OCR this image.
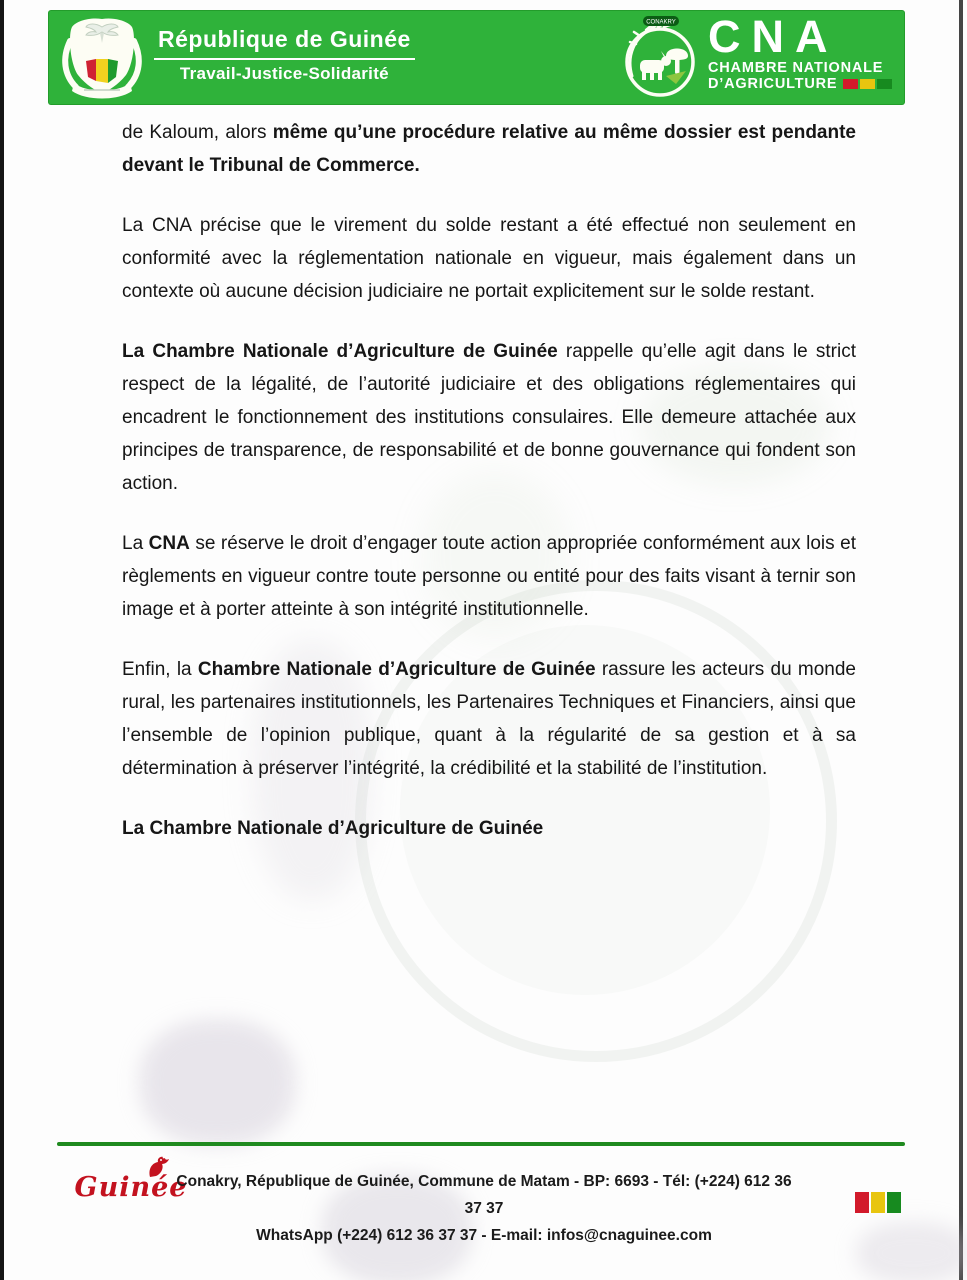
République de Guinée
Travail-Justice-Solidarité
CONAKRY CNA
CHAMBRE NATIONALE
D’AGRICULTURE
de Kaloum, alors même qu’une procédure relative au même dossier est pendante devant le Tribunal de Commerce.
La CNA précise que le virement du solde restant a été effectué non seulement en conformité avec la réglementation nationale en vigueur, mais également dans un contexte où aucune décision judiciaire ne portait explicitement sur le solde restant.
La Chambre Nationale d’Agriculture de Guinée rappelle qu’elle agit dans le strict respect de la légalité, de l’autorité judiciaire et des obligations réglementaires qui encadrent le fonctionnement des institutions consulaires. Elle demeure attachée aux principes de transparence, de responsabilité et de bonne gouvernance qui fondent son action.
La CNA se réserve le droit d’engager toute action appropriée conformément aux lois et règlements en vigueur contre toute personne ou entité pour des faits visant à ternir son image et à porter atteinte à son intégrité institutionnelle.
Enfin, la Chambre Nationale d’Agriculture de Guinée rassure les acteurs du monde rural, les partenaires institutionnels, les Partenaires Techniques et Financiers, ainsi que l’ensemble de l’opinion publique, quant à la régularité de sa gestion et à sa détermination à préserver l’intégrité, la crédibilité et la stabilité de l’institution.
La Chambre Nationale d’Agriculture de Guinée
Guinée
Conakry, République de Guinée, Commune de Matam - BP: 6693 - Tél: (+224) 612 36 37 37
WhatsApp (+224) 612 36 37 37 - E-mail: infos@cnaguinee.com
